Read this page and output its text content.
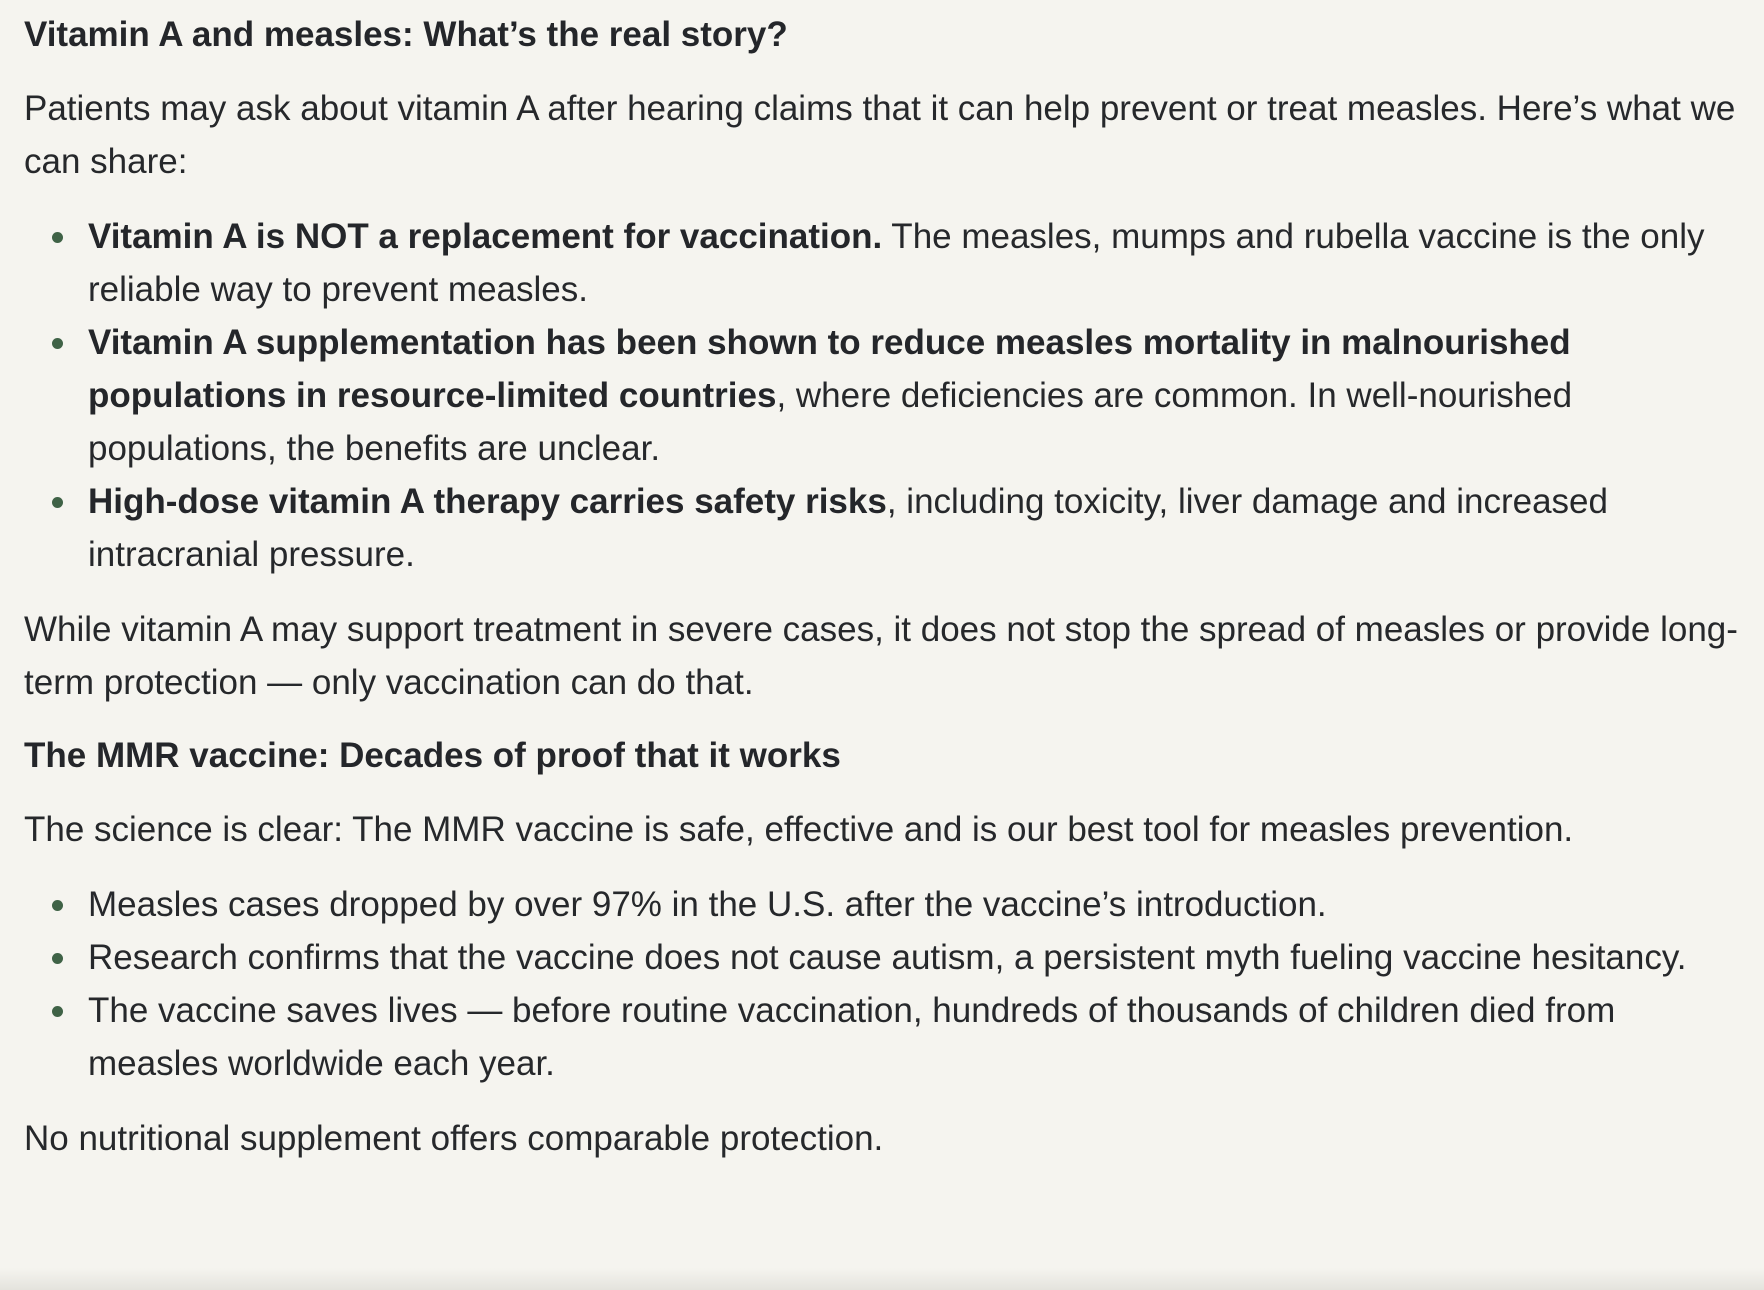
Vitamin A and measles: What’s the real story?

Patients may ask about vitamin A after hearing claims that it can help prevent or treat measles. Here’s what we can share:

Vitamin A is NOT a replacement for vaccination. The measles, mumps and rubella vaccine is the only reliable way to prevent measles.
Vitamin A supplementation has been shown to reduce measles mortality in malnourished populations in resource-limited countries, where deficiencies are common. In well-nourished populations, the benefits are unclear.
High-dose vitamin A therapy carries safety risks, including toxicity, liver damage and increased intracranial pressure.

While vitamin A may support treatment in severe cases, it does not stop the spread of measles or provide long-term protection — only vaccination can do that.

The MMR vaccine: Decades of proof that it works

The science is clear: The MMR vaccine is safe, effective and is our best tool for measles prevention.

Measles cases dropped by over 97% in the U.S. after the vaccine’s introduction.
Research confirms that the vaccine does not cause autism, a persistent myth fueling vaccine hesitancy.
The vaccine saves lives — before routine vaccination, hundreds of thousands of children died from measles worldwide each year.

No nutritional supplement offers comparable protection.
